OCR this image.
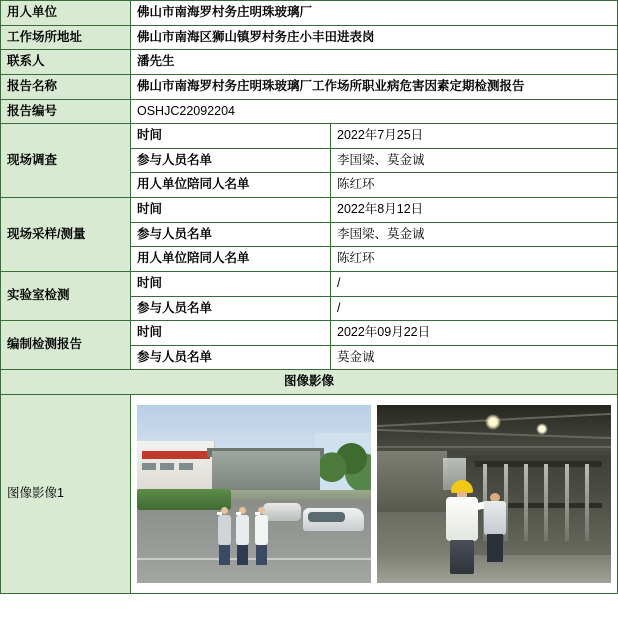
用人单位	佛山市南海罗村务庄明珠玻璃厂	
工作场所地址	佛山市南海区狮山镇罗村务庄小丰田进表岗	
联系人	潘先生	
报告名称	佛山市南海罗村务庄明珠玻璃厂工作场所职业病危害因素定期检测报告	
报告编号	OSHJC22092204	
现场调查	时间	2022年7月25日
	参与人员名单	李国梁、莫金诚
	用人单位陪同人名单	陈红环
现场采样/测量	时间	2022年8月12日
	参与人员名单	李国梁、莫金诚
	用人单位陪同人名单	陈红环
实验室检测	时间	/
	参与人员名单	/
编制检测报告	时间	2022年09月22日
	参与人员名单	莫金诚
图像影像		
图像影像1		
